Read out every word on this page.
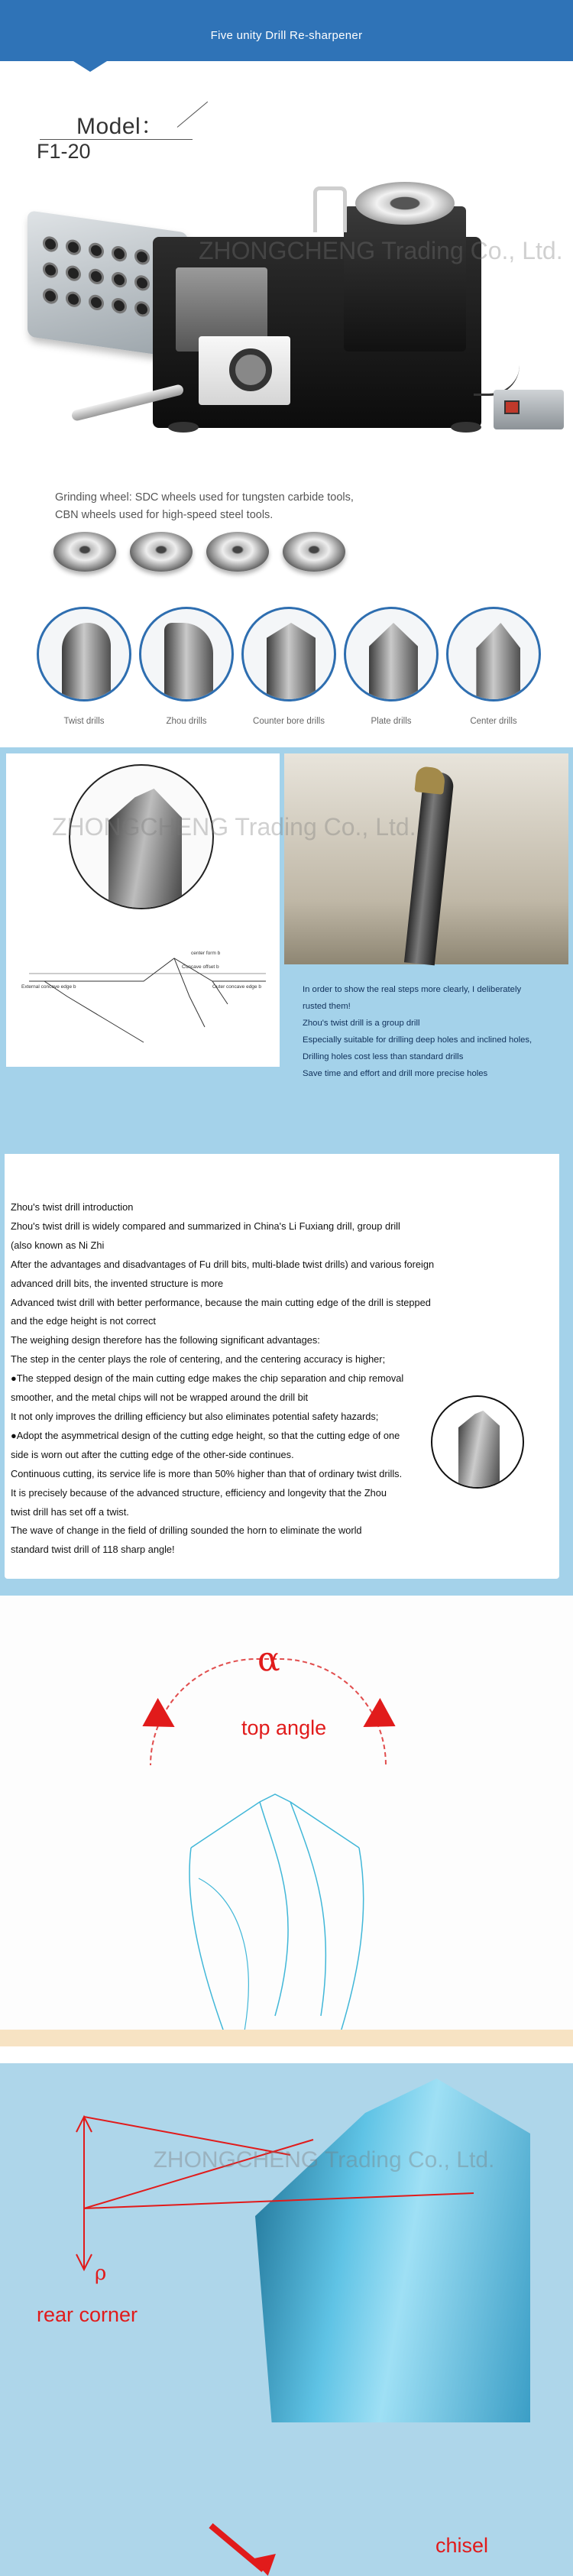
Five unity Drill Re-sharpener
Model：
F1-20
ZHONGCHENG Trading Co., Ltd.
Grinding wheel: SDC wheels used for tungsten carbide tools,
CBN wheels used for high-speed steel tools.
Twist drills	Zhou drills	Counter bore drills	Plate drills	Center drills
center form b
Concave offset b
External concave edge b	Outer concave edge b
ZHONGCHENG Trading Co., Ltd.
In order to show the real steps more clearly, I deliberately
rusted them!
Zhou's twist drill is a group drill
Especially suitable for drilling deep holes and inclined holes,
Drilling holes cost less than standard drills
Save time and effort and drill more precise holes
Zhou's twist drill introduction
Zhou's twist drill is widely compared and summarized in China's Li Fuxiang drill, group drill
(also known as Ni Zhi
After the advantages and disadvantages of Fu drill bits, multi-blade twist drills) and various foreign
advanced drill bits, the invented structure is more
Advanced twist drill with better performance, because the main cutting edge of the drill is stepped
and the edge height is not correct
The weighing design therefore has the following significant advantages:
The step in the center plays the role of centering, and the centering accuracy is higher;
●The stepped design of the main cutting edge makes the chip separation and chip removal
smoother, and the metal chips will not be wrapped around the drill bit
It not only improves the drilling efficiency but also eliminates potential safety hazards;
●Adopt the asymmetrical design of the cutting edge height, so that the cutting edge of one
side is worn out after the cutting edge of the other-side continues.
Continuous cutting, its service life is more than 50% higher than that of ordinary twist drills.
It is precisely because of the advanced structure, efficiency and longevity that the Zhou
twist drill has set off a twist.
The wave of change in the field of drilling sounded the horn to eliminate the world
standard twist drill of 118 sharp angle!
α
top angle
ρ
rear corner
ZHONGCHENG Trading Co., Ltd.
chisel
